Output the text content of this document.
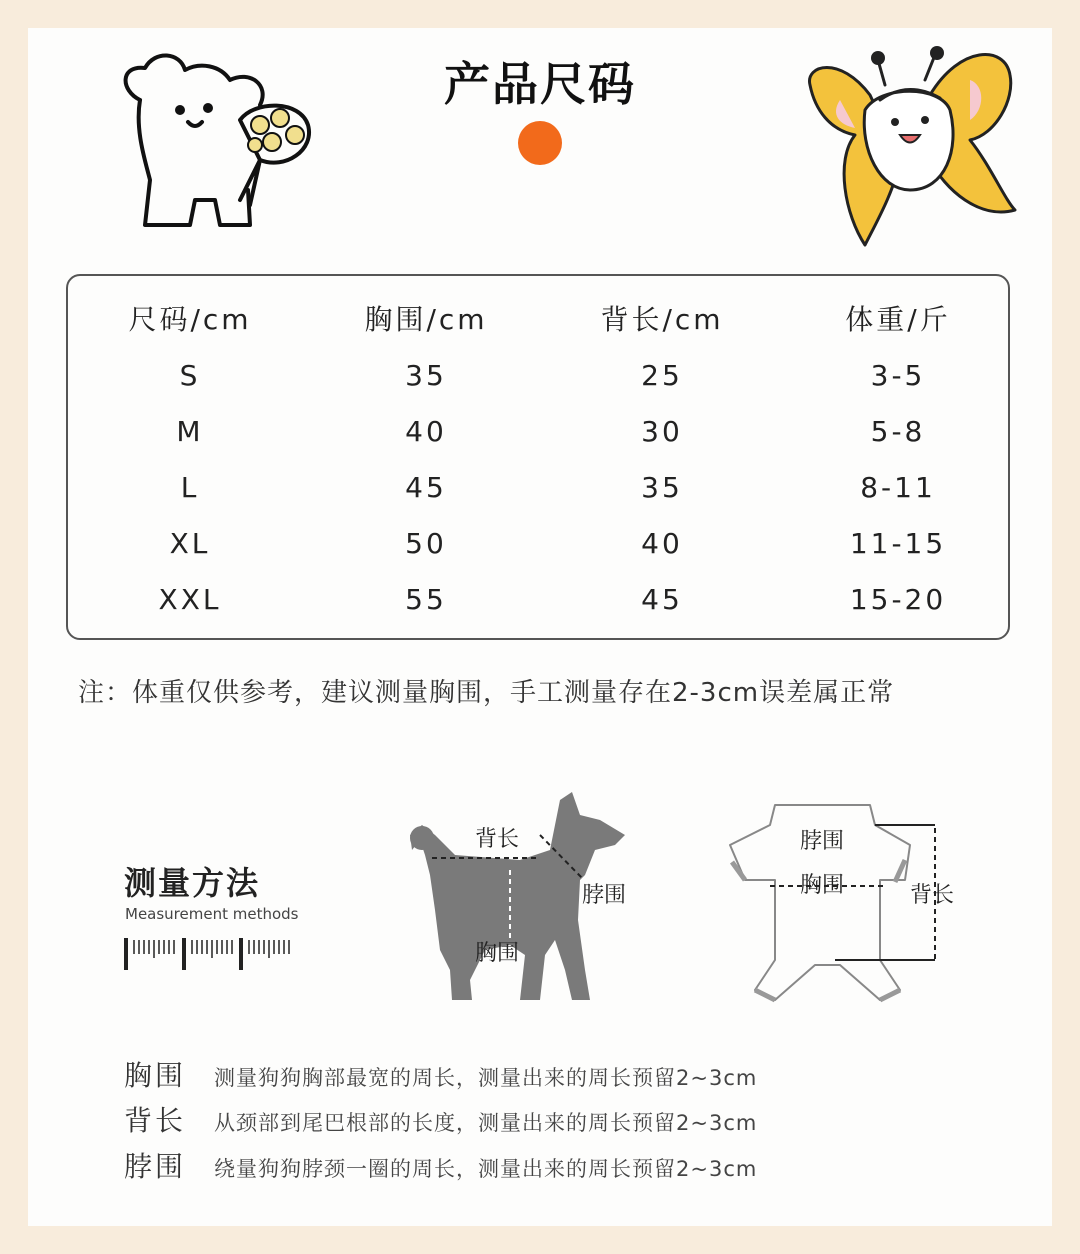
产品尺码
尺码/cm	胸围/cm	背长/cm	体重/斤
S	35	25	3-5
M	40	30	5-8
L	45	35	8-11
XL	50	40	11-15
XXL	55	45	15-20
注：体重仅供参考，建议测量胸围，手工测量存在2-3cm误差属正常
测量方法
Measurement methods
背长
脖围
胸围
脖围
胸围	背长
胸围 测量狗狗胸部最宽的周长，测量出来的周长预留2~3cm
背长 从颈部到尾巴根部的长度，测量出来的周长预留2~3cm
脖围 绕量狗狗脖颈一圈的周长，测量出来的周长预留2~3cm
